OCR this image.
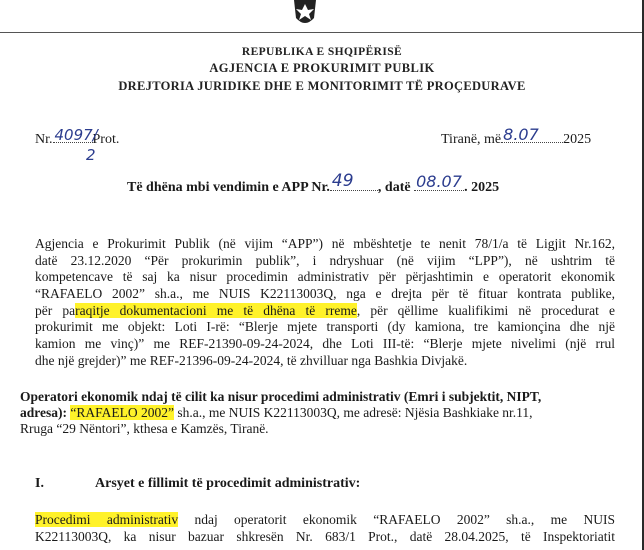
REPUBLIKA E SHQIPËRISË
AGJENCIA E PROKURIMIT PUBLIK
DREJTORIA JURIDIKE DHE E MONITORIMIT TË PROÇEDURAVE
Nr. 4097/
Prot.
2
Tiranë, më 8.07 2025
Të dhëna mbi vendimin e APP Nr. 49 , datë 08.07 . 2025
Agjencia e Prokurimit Publik (në vijim “APP”) në mbështetje te nenit 78/1/a të Ligjit Nr.162,
datë 23.12.2020 “Për prokurimin publik”, i ndryshuar (në vijim “LPP”), në ushtrim të
kompetencave të saj ka nisur procedimin administrativ për përjashtimin e operatorit ekonomik
“RAFAELO 2002” sh.a., me NUIS K22113003Q, nga e drejta për të fituar kontrata publike,
për paraqitje dokumentacioni me të dhëna të rreme, për qëllime kualifikimi në procedurat e
prokurimit me objekt: Loti I-rë: “Blerje mjete transporti (dy kamiona, tre kamionçina dhe një
kamion me vinç)” me REF-21390-09-24-2024, dhe Loti III-të: “Blerje mjete nivelimi (një rrul
dhe një grejder)” me REF-21396-09-24-2024, të zhvilluar nga Bashkia Divjakë.
Operatori ekonomik ndaj të cilit ka nisur procedimi administrativ (Emri i subjektit, NIPT,
adresa): “RAFAELO 2002” sh.a., me NUIS K22113003Q, me adresë: Njësia Bashkiake nr.11,
Rruga “29 Nëntori”, kthesa e Kamzës, Tiranë.
I.	Arsyet e fillimit të procedimit administrativ:
Procedimi administrativ ndaj operatorit ekonomik “RAFAELO 2002” sh.a., me NUIS
K22113003Q, ka nisur bazuar shkresën Nr. 683/1 Prot., datë 28.04.2025, të Inspektoriatit
